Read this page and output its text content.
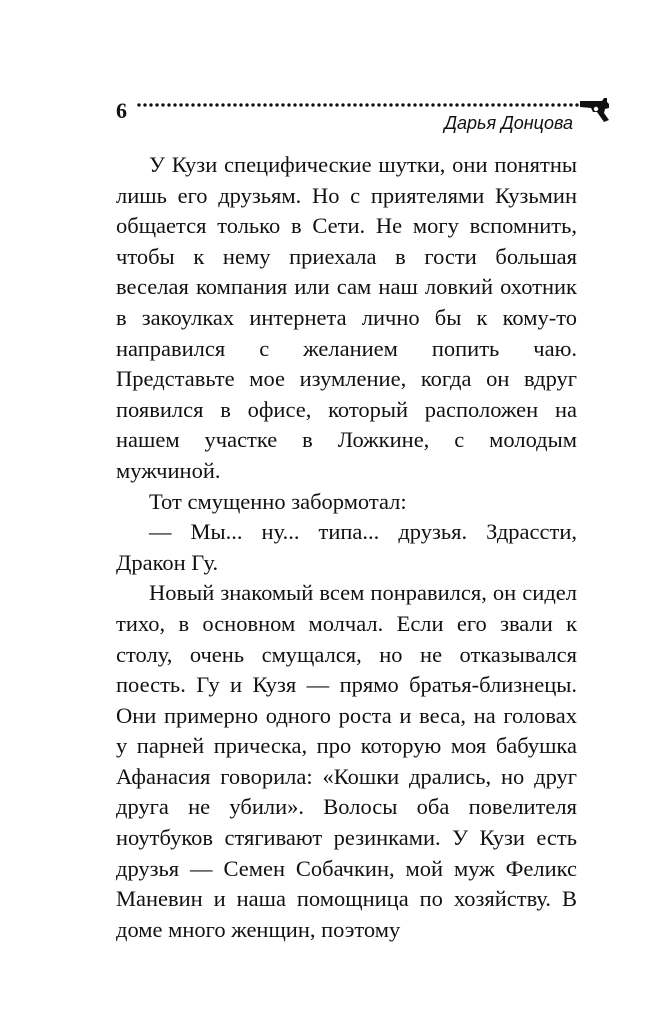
6	Дарья Донцова

У Кузи специфические шутки, они понятны лишь его друзьям. Но с приятелями Кузьмин общается только в Сети. Не могу вспомнить, чтобы к нему приехала в гости большая веселая компания или сам наш ловкий охотник в закоулках интернета лично бы к кому-то направился с желанием попить чаю. Представьте мое изумление, когда он вдруг появился в офисе, который расположен на нашем участке в Ложкине, с молодым мужчиной.

Тот смущенно забормотал:

— Мы... ну... типа... друзья. Здрасcти, Дракон Гу.

Новый знакомый всем понравился, он сидел тихо, в основном молчал. Если его звали к столу, очень смущался, но не отказывался поесть. Гу и Кузя — прямо братья-близнецы. Они примерно одного роста и веса, на головах у парней прическа, про которую моя бабушка Афанасия говорила: «Кошки дрались, но друг друга не убили». Волосы оба повелителя ноутбуков стягивают резинками. У Кузи есть друзья — Семен Собачкин, мой муж Феликс Маневин и наша помощница по хозяйству. В доме много женщин, поэтому
